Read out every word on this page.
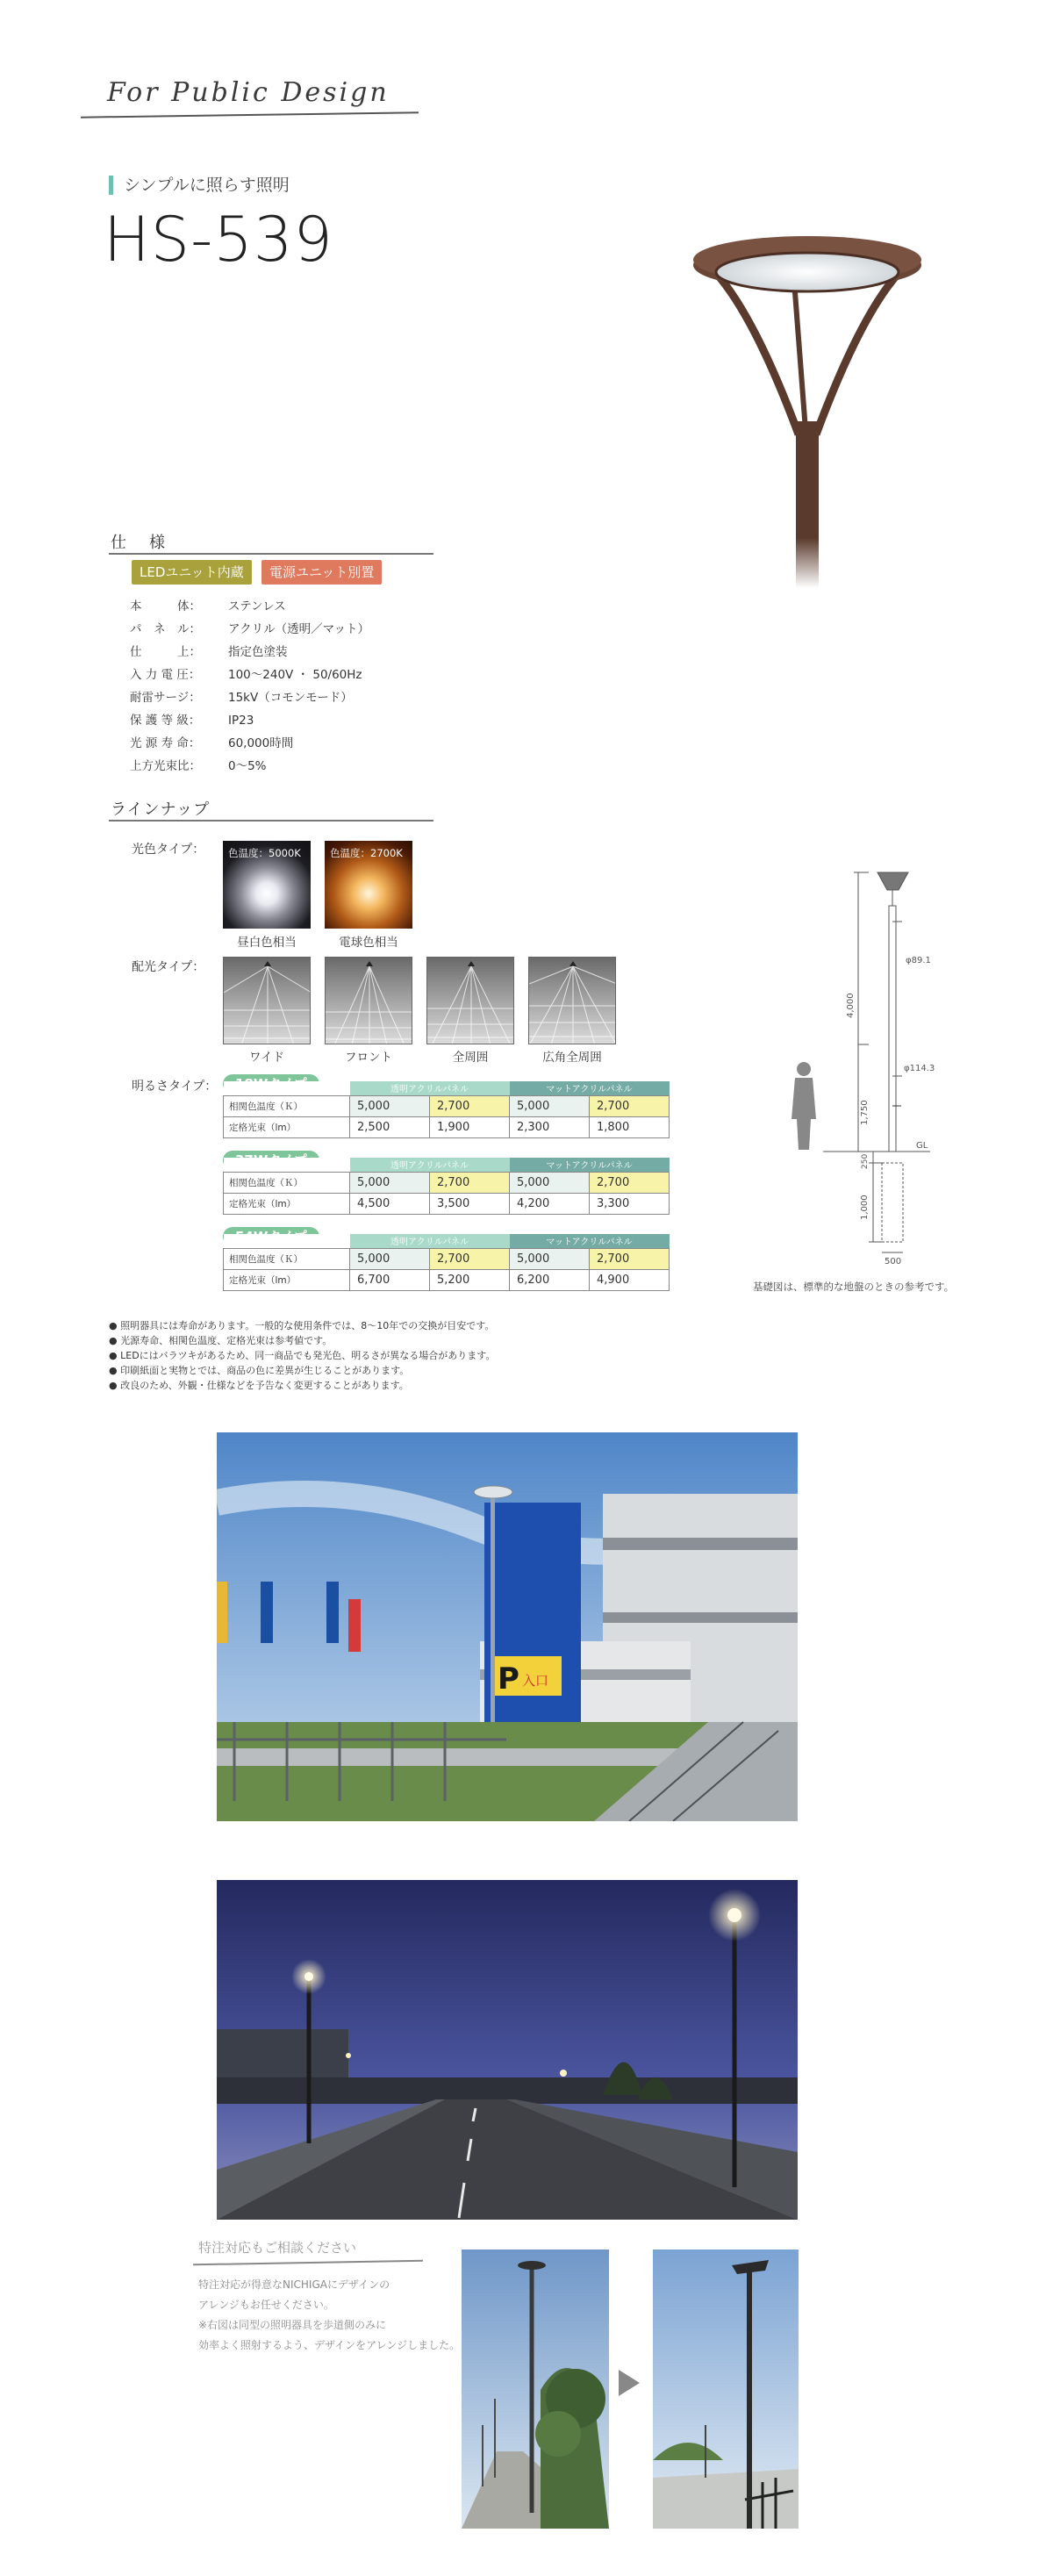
For Public Design
シンプルに照らす照明
HS-539
仕　様
LEDユニット内蔵	電源ユニット別置
本　　　体：	ステンレス
パ　ネ　ル：	アクリル（透明／マット）
仕　　　上：	指定色塗装
入 力 電 圧：	100～240V ・ 50/60Hz
耐雷サージ：	15kV（コモンモード）
保 護 等 級：	IP23
光 源 寿 命：	60,000時間
上方光束比：	0～5%
ラインナップ
光色タイプ： 色温度：5000K	色温度：2700K
昼白色相当	電球色相当
配光タイプ：
ワイド	フロント	全周囲	広角全周囲
明るさタイプ：
		透明アクリルパネル		マットアクリルパネル	
相関色温度（Ｋ）	5,000	2,700	5,000	2,700
定格光束（lm）	2,500	1,900	2,300	1,800
	透明アクリルパネル		マットアクリルパネル	
相関色温度（Ｋ）	5,000	2,700	5,000	2,700
定格光束（lm）	4,500	3,500	4,200	3,300
	透明アクリルパネル		マットアクリルパネル	
相関色温度（Ｋ）	5,000	2,700	5,000	2,700
定格光束（lm）	6,700	5,200	6,200	4,900
φ89.1
4,000
φ114.3
1,750
GL
250
1,000
500
基礎図は、標準的な地盤のときの参考です。
● 照明器具には寿命があります。一般的な使用条件では、8～10年での交換が目安です。
● 光源寿命、相関色温度、定格光束は参考値です。
● LEDにはバラツキがあるため、同一商品でも発光色、明るさが異なる場合があります。
● 印刷紙面と実物とでは、商品の色に差異が生じることがあります。
● 改良のため、外観・仕様などを予告なく変更することがあります。
P 入口
特注対応もご相談ください
特注対応が得意なNICHIGAにデザインの
アレンジもお任せください。
※右図は同型の照明器具を歩道側のみに
効率よく照射するよう、デザインをアレンジしました。
